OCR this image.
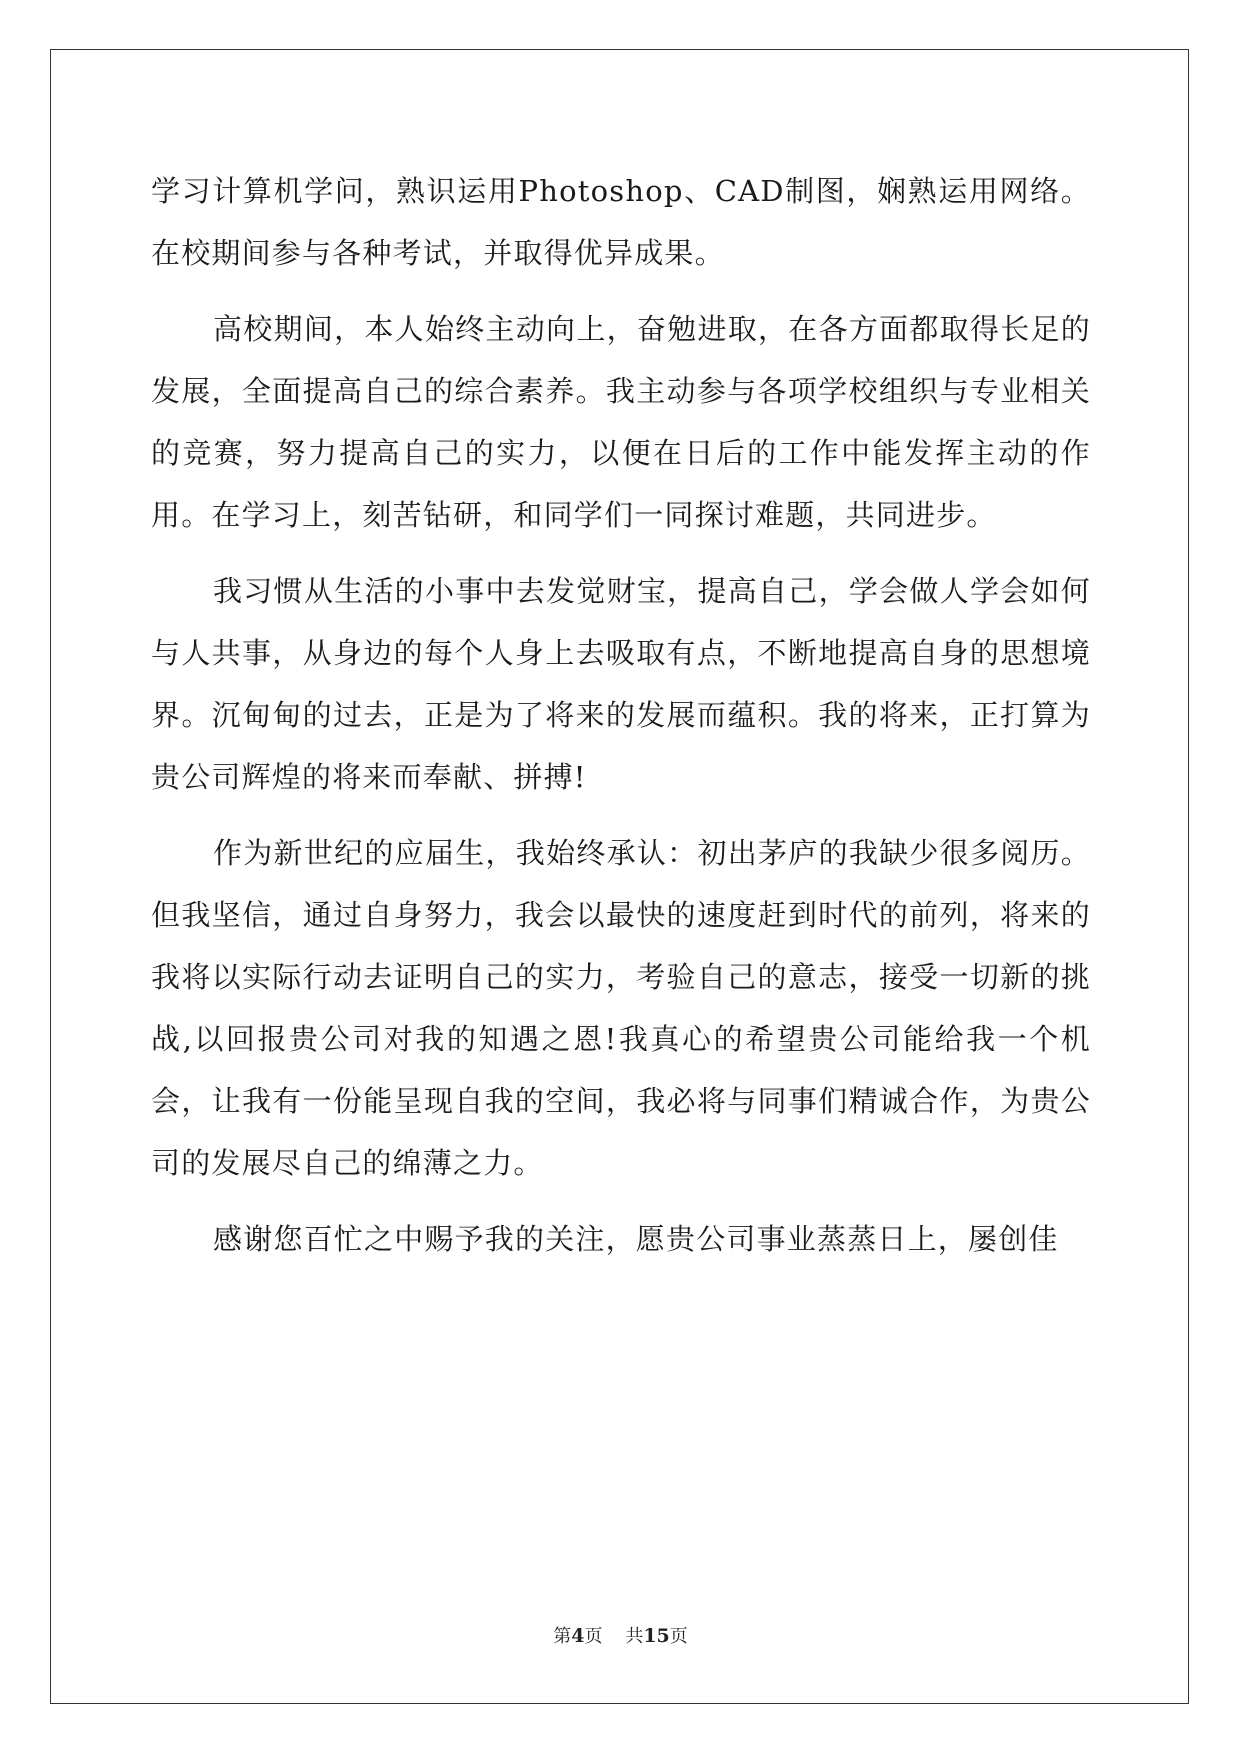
学习计算机学问，熟识运用Photoshop、CAD制图，娴熟运用网络。在校期间参与各种考试，并取得优异成果。

高校期间，本人始终主动向上，奋勉进取，在各方面都取得长足的发展，全面提高自己的综合素养。我主动参与各项学校组织与专业相关的竞赛，努力提高自己的实力，以便在日后的工作中能发挥主动的作用。在学习上，刻苦钻研，和同学们一同探讨难题，共同进步。

我习惯从生活的小事中去发觉财宝，提高自己，学会做人学会如何与人共事，从身边的每个人身上去吸取有点，不断地提高自身的思想境界。沉甸甸的过去，正是为了将来的发展而蕴积。我的将来，正打算为贵公司辉煌的将来而奉献、拼搏!

作为新世纪的应届生，我始终承认：初出茅庐的我缺少很多阅历。但我坚信，通过自身努力，我会以最快的速度赶到时代的前列，将来的我将以实际行动去证明自己的实力，考验自己的意志，接受一切新的挑战,以回报贵公司对我的知遇之恩!我真心的希望贵公司能给我一个机会，让我有一份能呈现自我的空间，我必将与同事们精诚合作，为贵公司的发展尽自己的绵薄之力。

感谢您百忙之中赐予我的关注，愿贵公司事业蒸蒸日上，屡创佳

第4页 共15页
